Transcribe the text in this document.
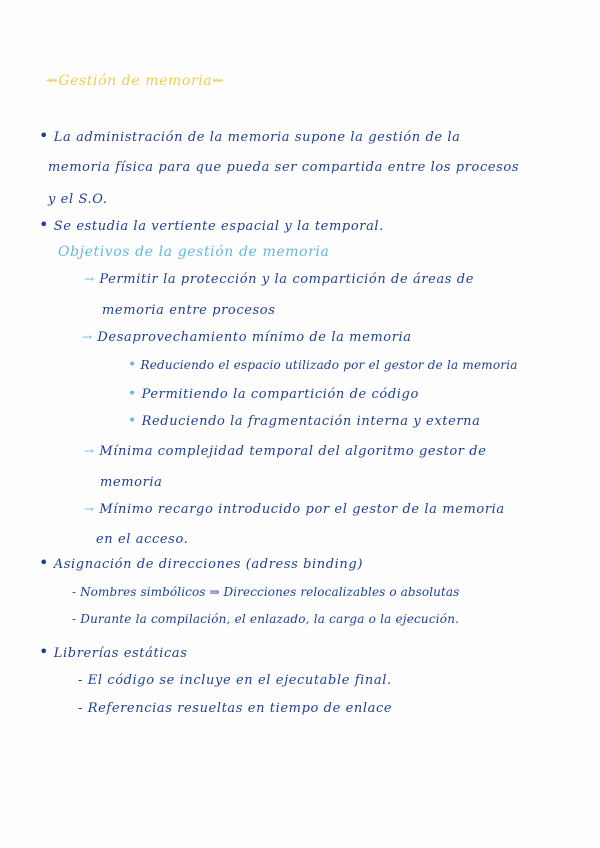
⇝Gestión de memoria⇜
• La administración de la memoria supone la gestión de la
memoria física para que pueda ser compartida entre los procesos
y el S.O.
• Se estudia la vertiente espacial y la temporal.
Objetivos de la gestión de memoria
→ Permitir la protección y la compartición de áreas de
memoria entre procesos
→ Desaprovechamiento mínimo de la memoria
• Reduciendo el espacio utilizado por el gestor de la memoria
• Permitiendo la compartición de código
• Reduciendo la fragmentación interna y externa
→ Mínima complejidad temporal del algoritmo gestor de
memoria
→ Mínimo recargo introducido por el gestor de la memoria
en el acceso.
• Asignación de direcciones (adress binding)
- Nombres simbólicos ⇒ Direcciones relocalizables o absolutas
- Durante la compilación, el enlazado, la carga o la ejecución.
• Librerías estáticas
- El código se incluye en el ejecutable final.
- Referencias resueltas en tiempo de enlace
